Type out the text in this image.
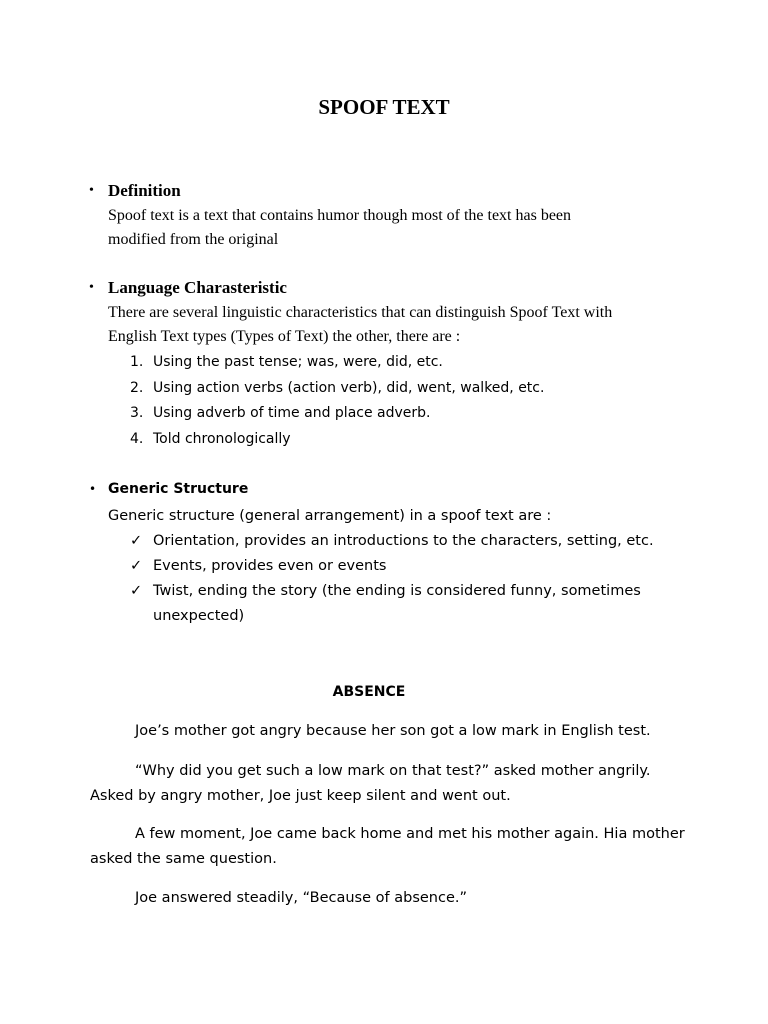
SPOOF TEXT
• Definition
Spoof text is a text that contains humor though most of the text has been
modified from the original
• Language Charasteristic
There are several linguistic characteristics that can distinguish Spoof Text with
English Text types (Types of Text) the other, there are :
1. Using the past tense; was, were, did, etc.
2. Using action verbs (action verb), did, went, walked, etc.
3. Using adverb of time and place adverb.
4. Told chronologically
• Generic Structure
Generic structure (general arrangement) in a spoof text are :
✓ Orientation, provides an introductions to the characters, setting, etc.
✓ Events, provides even or events
✓ Twist, ending the story (the ending is considered funny, sometimes
unexpected)
ABSENCE
Joe’s mother got angry because her son got a low mark in English test.
“Why did you get such a low mark on that test?” asked mother angrily.
Asked by angry mother, Joe just keep silent and went out.
A few moment, Joe came back home and met his mother again. Hia mother
asked the same question.
Joe answered steadily, “Because of absence.”
